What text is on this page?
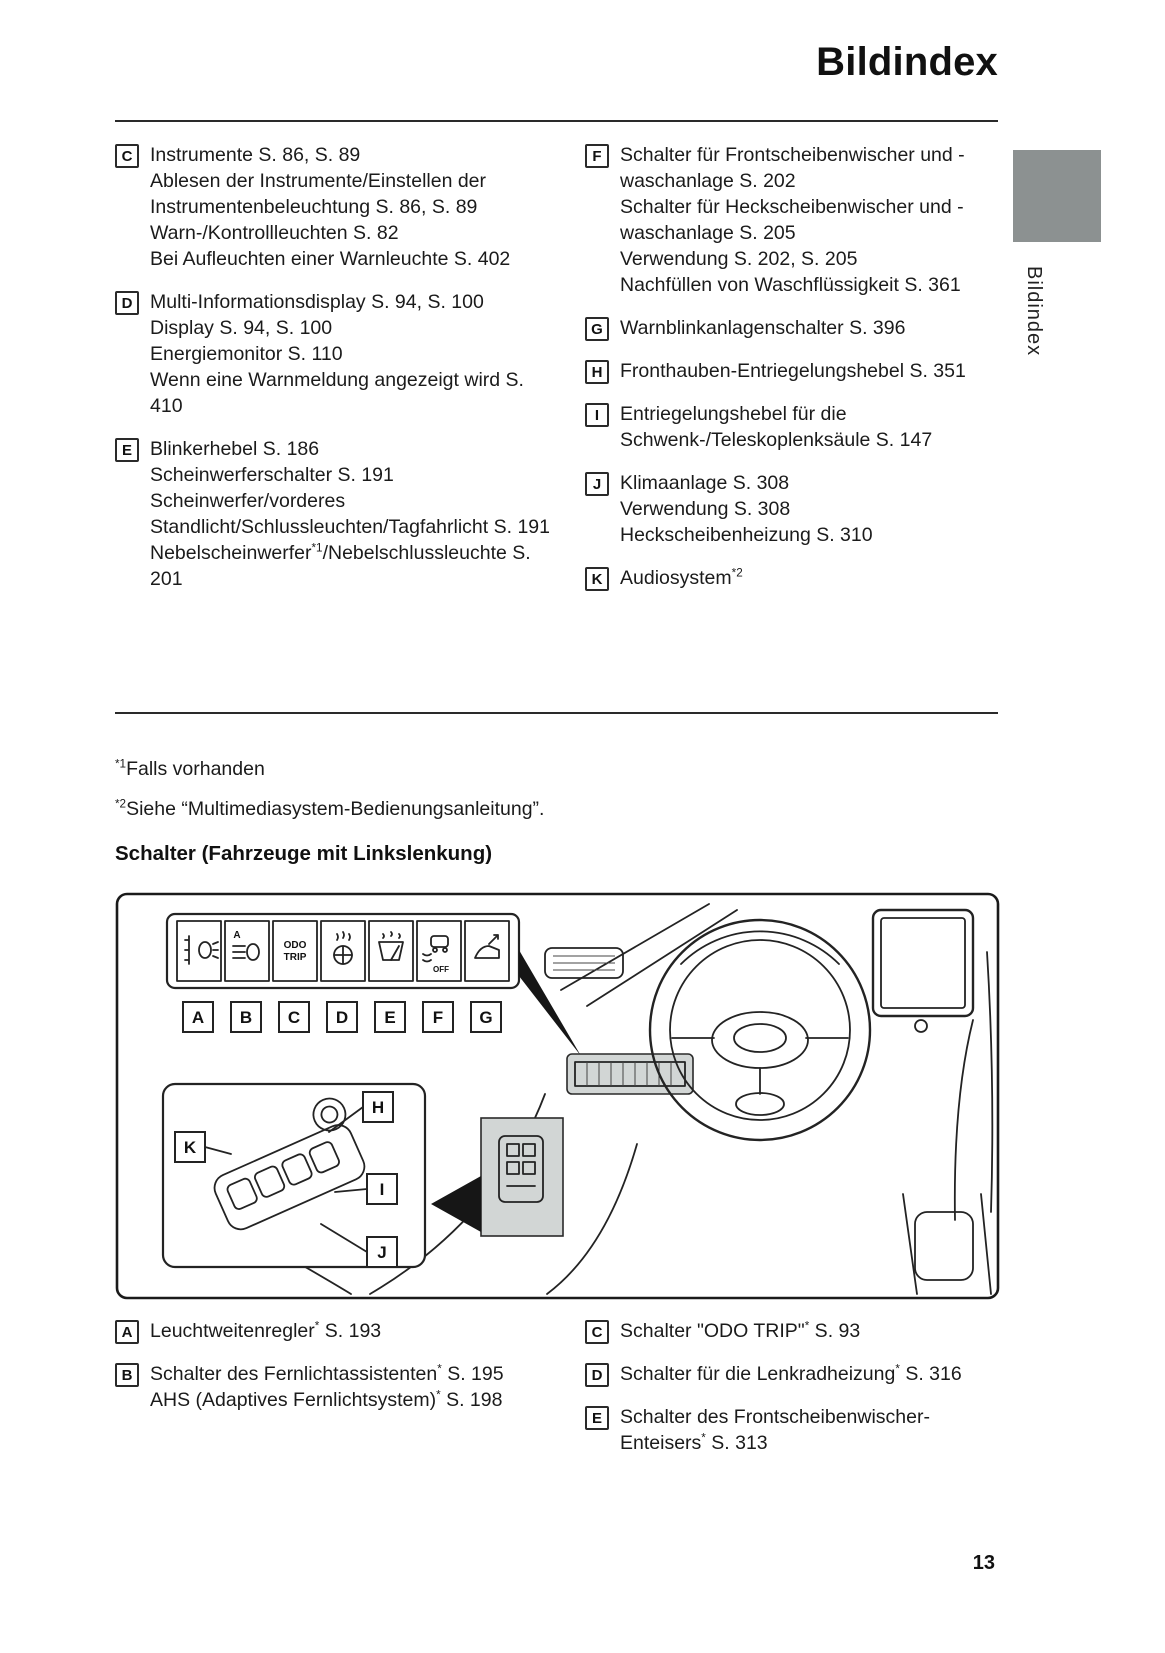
Bildindex
Bildindex
C Instrumente S. 86, S. 89
Ablesen der Instrumente/Einstellen der Instrumentenbeleuchtung S. 86, S. 89
Warn-/Kontrollleuchten S. 82
Bei Aufleuchten einer Warnleuchte S. 402
D Multi-Informationsdisplay S. 94, S. 100
Display S. 94, S. 100
Energiemonitor S. 110
Wenn eine Warnmeldung angezeigt wird S. 410
E Blinkerhebel S. 186
Scheinwerferschalter S. 191
Scheinwerfer/vorderes Standlicht/Schlussleuchten/Tagfahrlicht S. 191
Nebelscheinwerfer$^{*1}$/Nebelschlussleuchte S. 201
F Schalter für Frontscheibenwischer und -waschanlage S. 202
Schalter für Heckscheibenwischer und -waschanlage S. 205
Verwendung S. 202, S. 205
Nachfüllen von Waschflüssigkeit S. 361
G Warnblinkanlagenschalter S. 396
H Fronthauben-Entriegelungshebel S. 351
I	Entriegelungshebel für die Schwenk-/Teleskoplenksäule S. 147
J Klimaanlage S. 308
Verwendung S. 308
Heckscheibenheizung S. 310
K Audiosystem$^{*2}$
$^{*1}$Falls vorhanden
$^{*2}$Siehe “Multimediasystem-Bedienungsanleitung”.
Schalter (Fahrzeuge mit Linkslenkung)
A
ODO
TRIP
OFF
A B C D E F G
K
H
I
J
A Leuchtweitenregler* S. 193
B Schalter des Fernlichtassistenten* S. 195
AHS (Adaptives Fernlichtsystem)* S. 198
C Schalter "ODO TRIP"* S. 93
D Schalter für die Lenkradheizung* S. 316
E Schalter des Frontscheibenwischer-Enteisers* S. 313
13
